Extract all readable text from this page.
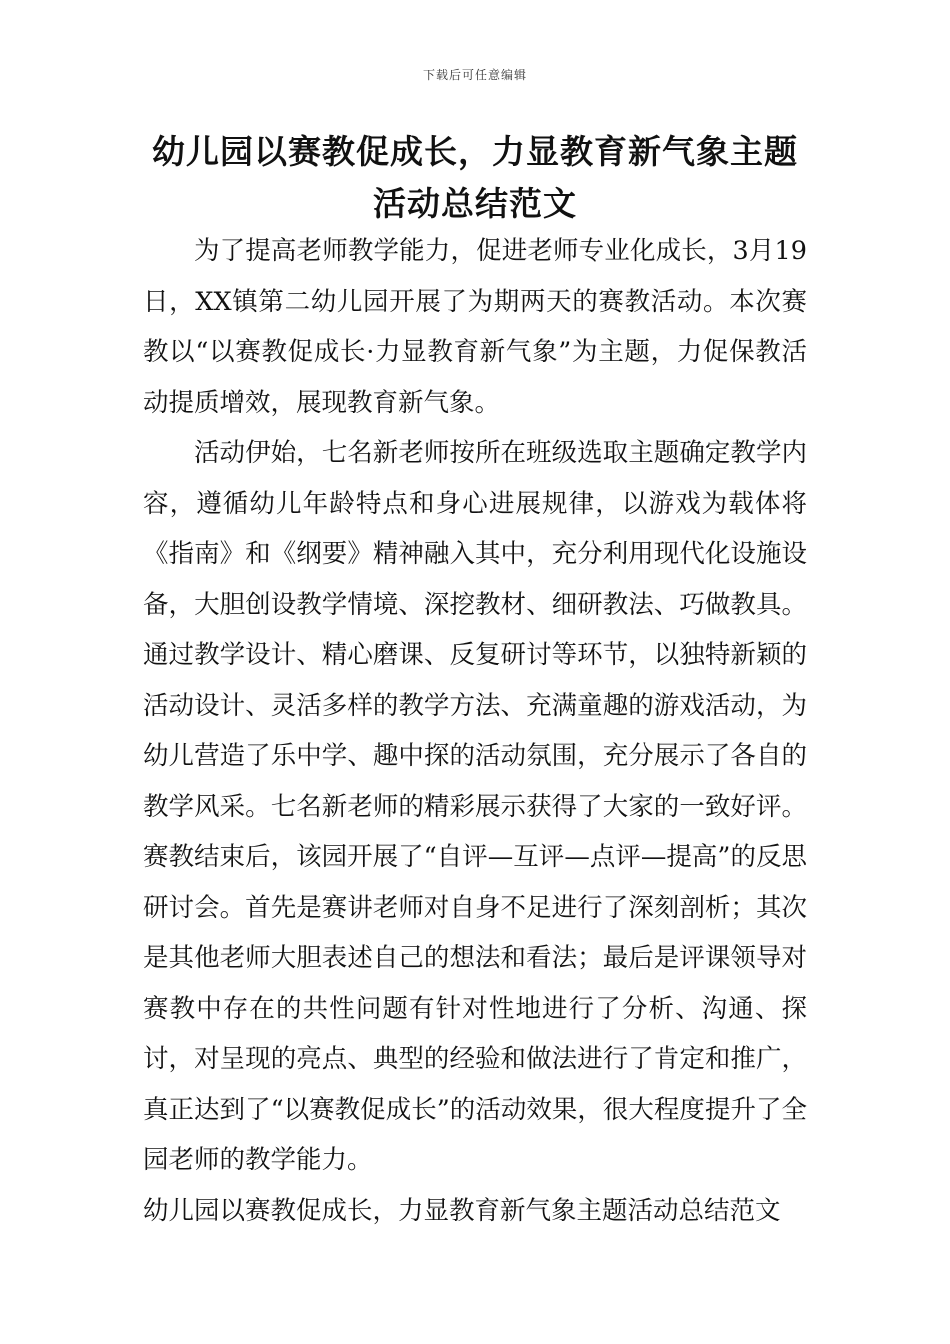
下载后可任意编辑
幼儿园以赛教促成长，力显教育新气象主题活动总结范文

为了提高老师教学能力，促进老师专业化成长，3月19日，XX镇第二幼儿园开展了为期两天的赛教活动。本次赛教以“以赛教促成长·力显教育新气象”为主题，力促保教活动提质增效，展现教育新气象。

活动伊始，七名新老师按所在班级选取主题确定教学内容，遵循幼儿年龄特点和身心进展规律，以游戏为载体将《指南》和《纲要》精神融入其中，充分利用现代化设施设备，大胆创设教学情境、深挖教材、细研教法、巧做教具。通过教学设计、精心磨课、反复研讨等环节，以独特新颖的活动设计、灵活多样的教学方法、充满童趣的游戏活动，为幼儿营造了乐中学、趣中探的活动氛围，充分展示了各自的教学风采。七名新老师的精彩展示获得了大家的一致好评。赛教结束后，该园开展了“自评—互评—点评—提高”的反思研讨会。首先是赛讲老师对自身不足进行了深刻剖析；其次是其他老师大胆表述自己的想法和看法；最后是评课领导对赛教中存在的共性问题有针对性地进行了分析、沟通、探讨，对呈现的亮点、典型的经验和做法进行了肯定和推广，真正达到了“以赛教促成长”的活动效果，很大程度提升了全园老师的教学能力。

幼儿园以赛教促成长，力显教育新气象主题活动总结范文
